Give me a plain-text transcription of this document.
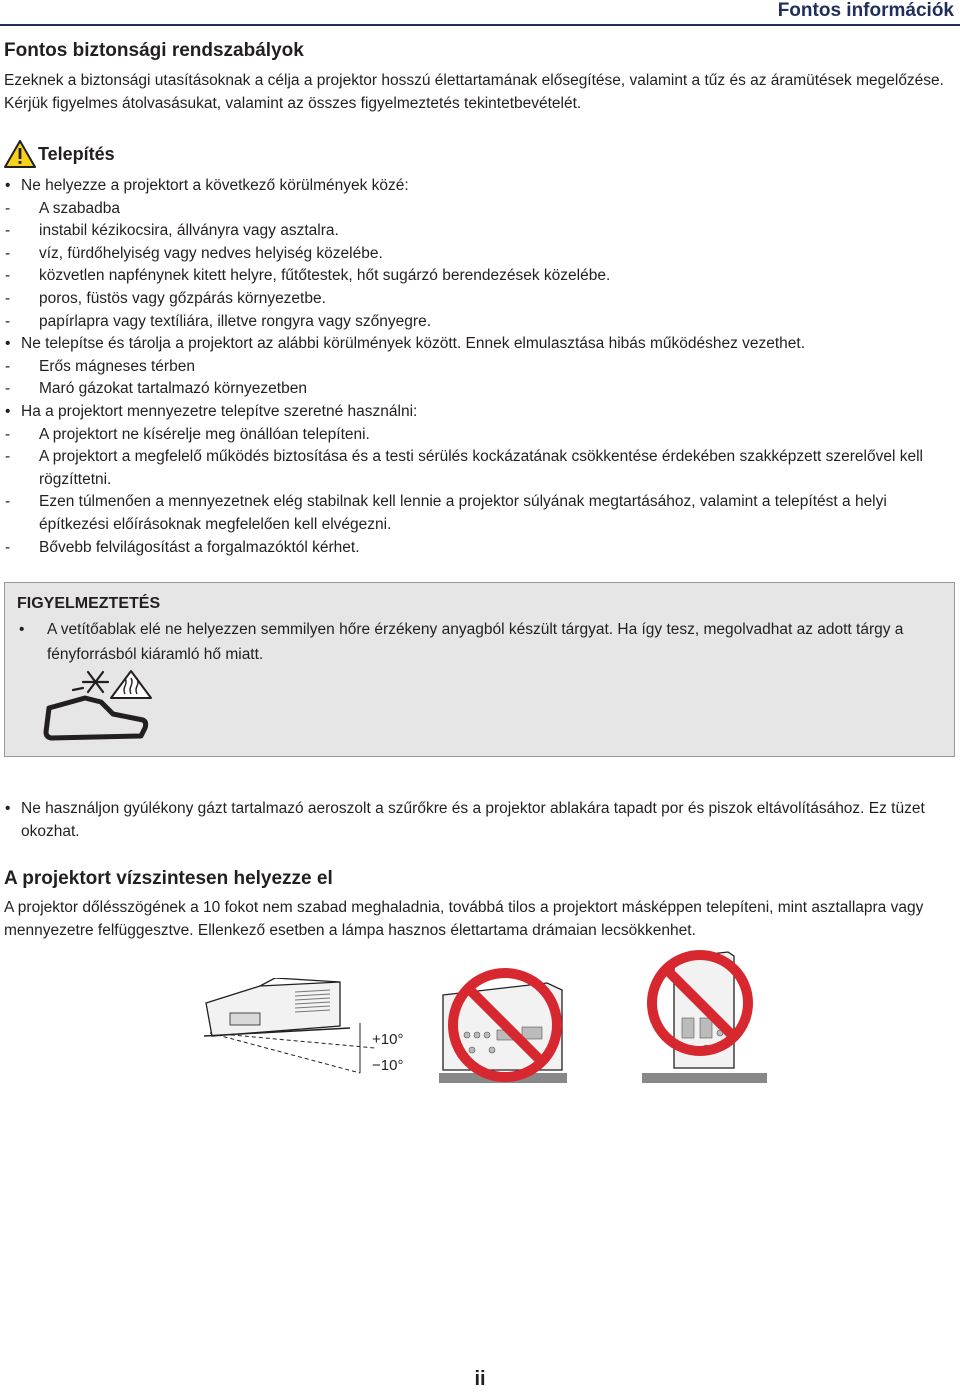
Fontos információk
Fontos biztonsági rendszabályok
Ezeknek a biztonsági utasításoknak a célja a projektor hosszú élettartamának elősegítése, valamint a tűz és az áramütések megelőzése. Kérjük figyelmes átolvasásukat, valamint az összes figyelmeztetés tekintetbevételét.
Telepítés
• Ne helyezze a projektort a következő körülmények közé:
- A szabadba
- instabil kézikocsira, állványra vagy asztalra.
- víz, fürdőhelyiség vagy nedves helyiség közelébe.
- közvetlen napfénynek kitett helyre, fűtőtestek, hőt sugárzó berendezések közelébe.
- poros, füstös vagy gőzpárás környezetbe.
- papírlapra vagy textíliára, illetve rongyra vagy szőnyegre.
• Ne telepítse és tárolja a projektort az alábbi körülmények között. Ennek elmulasztása hibás működéshez vezethet.
- Erős mágneses térben
- Maró gázokat tartalmazó környezetben
• Ha a projektort mennyezetre telepítve szeretné használni:
- A projektort ne kísérelje meg önállóan telepíteni.
- A projektort a megfelelő működés biztosítása és a testi sérülés kockázatának csökkentése érdekében szakképzett szerelővel kell rögzíttetni.
- Ezen túlmenően a mennyezetnek elég stabilnak kell lennie a projektor súlyának megtartásához, valamint a telepítést a helyi építkezési előírásoknak megfelelően kell elvégezni.
- Bővebb felvilágosítást a forgalmazóktól kérhet.
FIGYELMEZTETÉS
• A vetítőablak elé ne helyezzen semmilyen hőre érzékeny anyagból készült tárgyat. Ha így tesz, megolvadhat az adott tárgy a fényforrásból kiáramló hő miatt.
• Ne használjon gyúlékony gázt tartalmazó aeroszolt a szűrőkre és a projektor ablakára tapadt por és piszok eltávolításához. Ez tüzet okozhat.
A projektort vízszintesen helyezze el
A projektor dőlésszögének a 10 fokot nem szabad meghaladnia, továbbá tilos a projektort másképpen telepíteni, mint asztallapra vagy mennyezetre felfüggesztve. Ellenkező esetben a lámpa hasznos élettartama drámaian lecsökkenhet.
+10°
−10°
ii
